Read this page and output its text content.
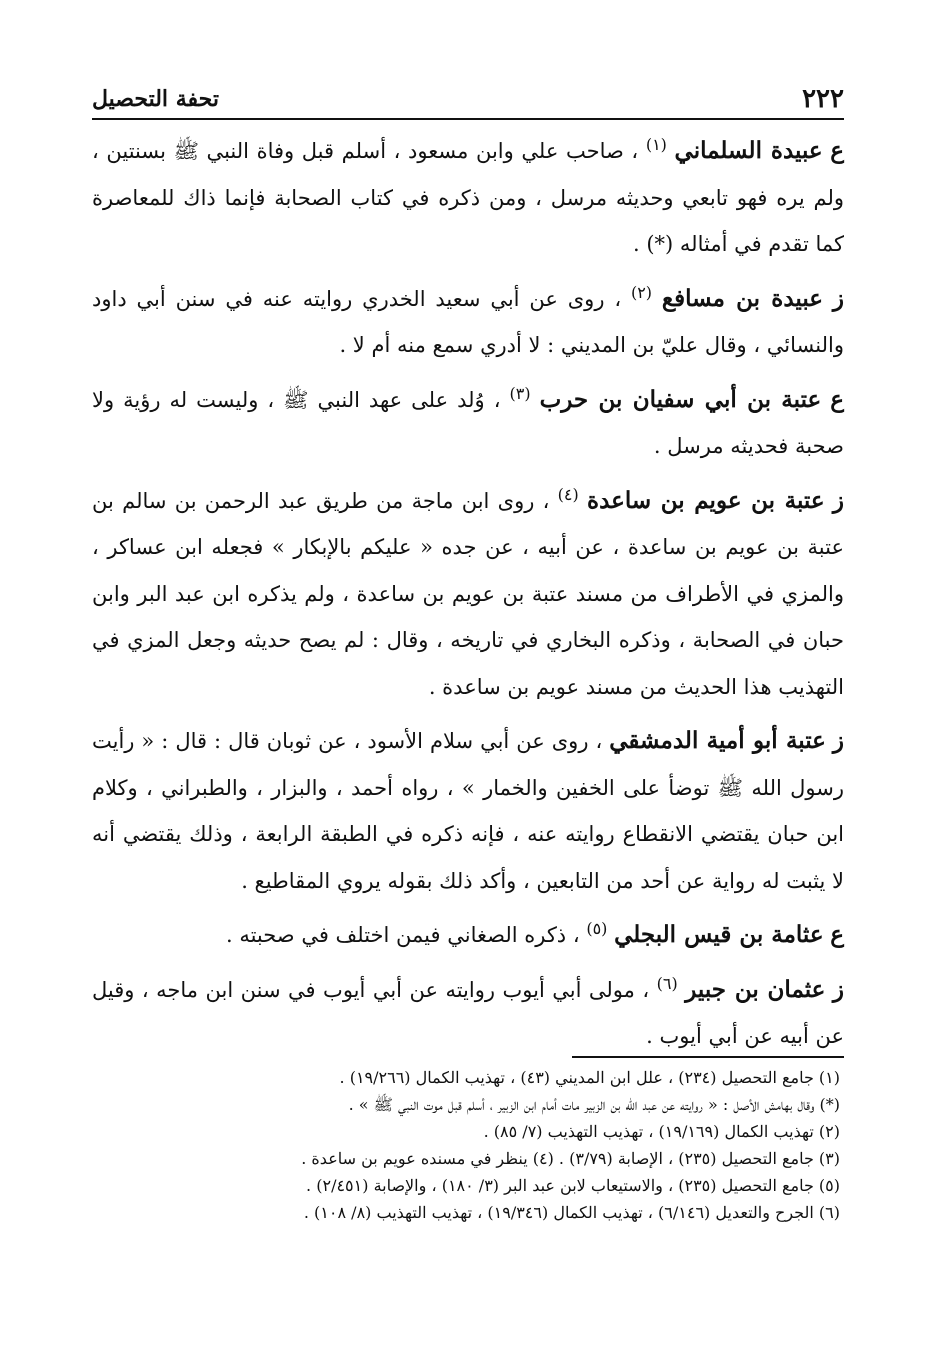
٢٢٢
تحفة التحصيل

ع عبيدة السلماني $^{(١)}$ ، صاحب علي وابن مسعود ، أسلم قبل وفاة النبي ﷺ بسنتين ، ولم يره فهو تابعي وحديثه مرسل ، ومن ذكره في كتاب الصحابة فإنما ذاك للمعاصرة كما تقدم في أمثاله (*) .

ز عبيدة بن مسافع $^{(٢)}$ ، روى عن أبي سعيد الخدري روايته عنه في سنن أبي داود والنسائي ، وقال عليّ بن المديني : لا أدري سمع منه أم لا .

ع عتبة بن أبي سفيان بن حرب $^{(٣)}$ ، وُلد على عهد النبي ﷺ ، وليست له رؤية ولا صحبة فحديثه مرسل .

ز عتبة بن عويم بن ساعدة $^{(٤)}$ ، روى ابن ماجة من طريق عبد الرحمن بن سالم بن عتبة بن عويم بن ساعدة ، عن أبيه ، عن جده « عليكم بالإبكار » فجعله ابن عساكر ، والمزي في الأطراف من مسند عتبة بن عويم بن ساعدة ، ولم يذكره ابن عبد البر وابن حبان في الصحابة ، وذكره البخاري في تاريخه ، وقال : لم يصح حديثه وجعل المزي في التهذيب هذا الحديث من مسند عويم بن ساعدة .

ز عتبة أبو أمية الدمشقي ، روى عن أبي سلام الأسود ، عن ثوبان قال : قال : « رأيت رسول الله ﷺ توضأ على الخفين والخمار » ، رواه أحمد ، والبزار ، والطبراني ، وكلام ابن حبان يقتضي الانقطاع روايته عنه ، فإنه ذكره في الطبقة الرابعة ، وذلك يقتضي أنه لا يثبت له رواية عن أحد من التابعين ، وأكد ذلك بقوله يروي المقاطيع .

ع عثامة بن قيس البجلي $^{(٥)}$ ، ذكره الصغاني فيمن اختلف في صحبته .

ز عثمان بن جبير $^{(٦)}$ ، مولى أبي أيوب روايته عن أبي أيوب في سنن ابن ماجه ، وقيل عن أبيه عن أبي أيوب .

(١) جامع التحصيل (٢٣٤) ، علل ابن المديني (٤٣) ، تهذيب الكمال (١٩/٢٦٦) .

(*) وقال بهامش الأصل : « روايته عن عبد الله بن الزبير مات أمام ابن الزبير ، أسلم قبل موت النبي ﷺ » .

(٢) تهذيب الكمال (١٩/١٦٩) ، تهذيب التهذيب (٧/ ٨٥) .

(٣) جامع التحصيل (٢٣٥) ، الإصابة (٣/٧٩) . (٤) ينظر في مسنده عويم بن ساعدة .

(٥) جامع التحصيل (٢٣٥) ، والاستيعاب لابن عبد البر (٣/ ١٨٠) ، والإصابة (٢/٤٥١) .

(٦) الجرح والتعديل (٦/١٤٦) ، تهذيب الكمال (١٩/٣٤٦) ، تهذيب التهذيب (٨/ ١٠٨) .
